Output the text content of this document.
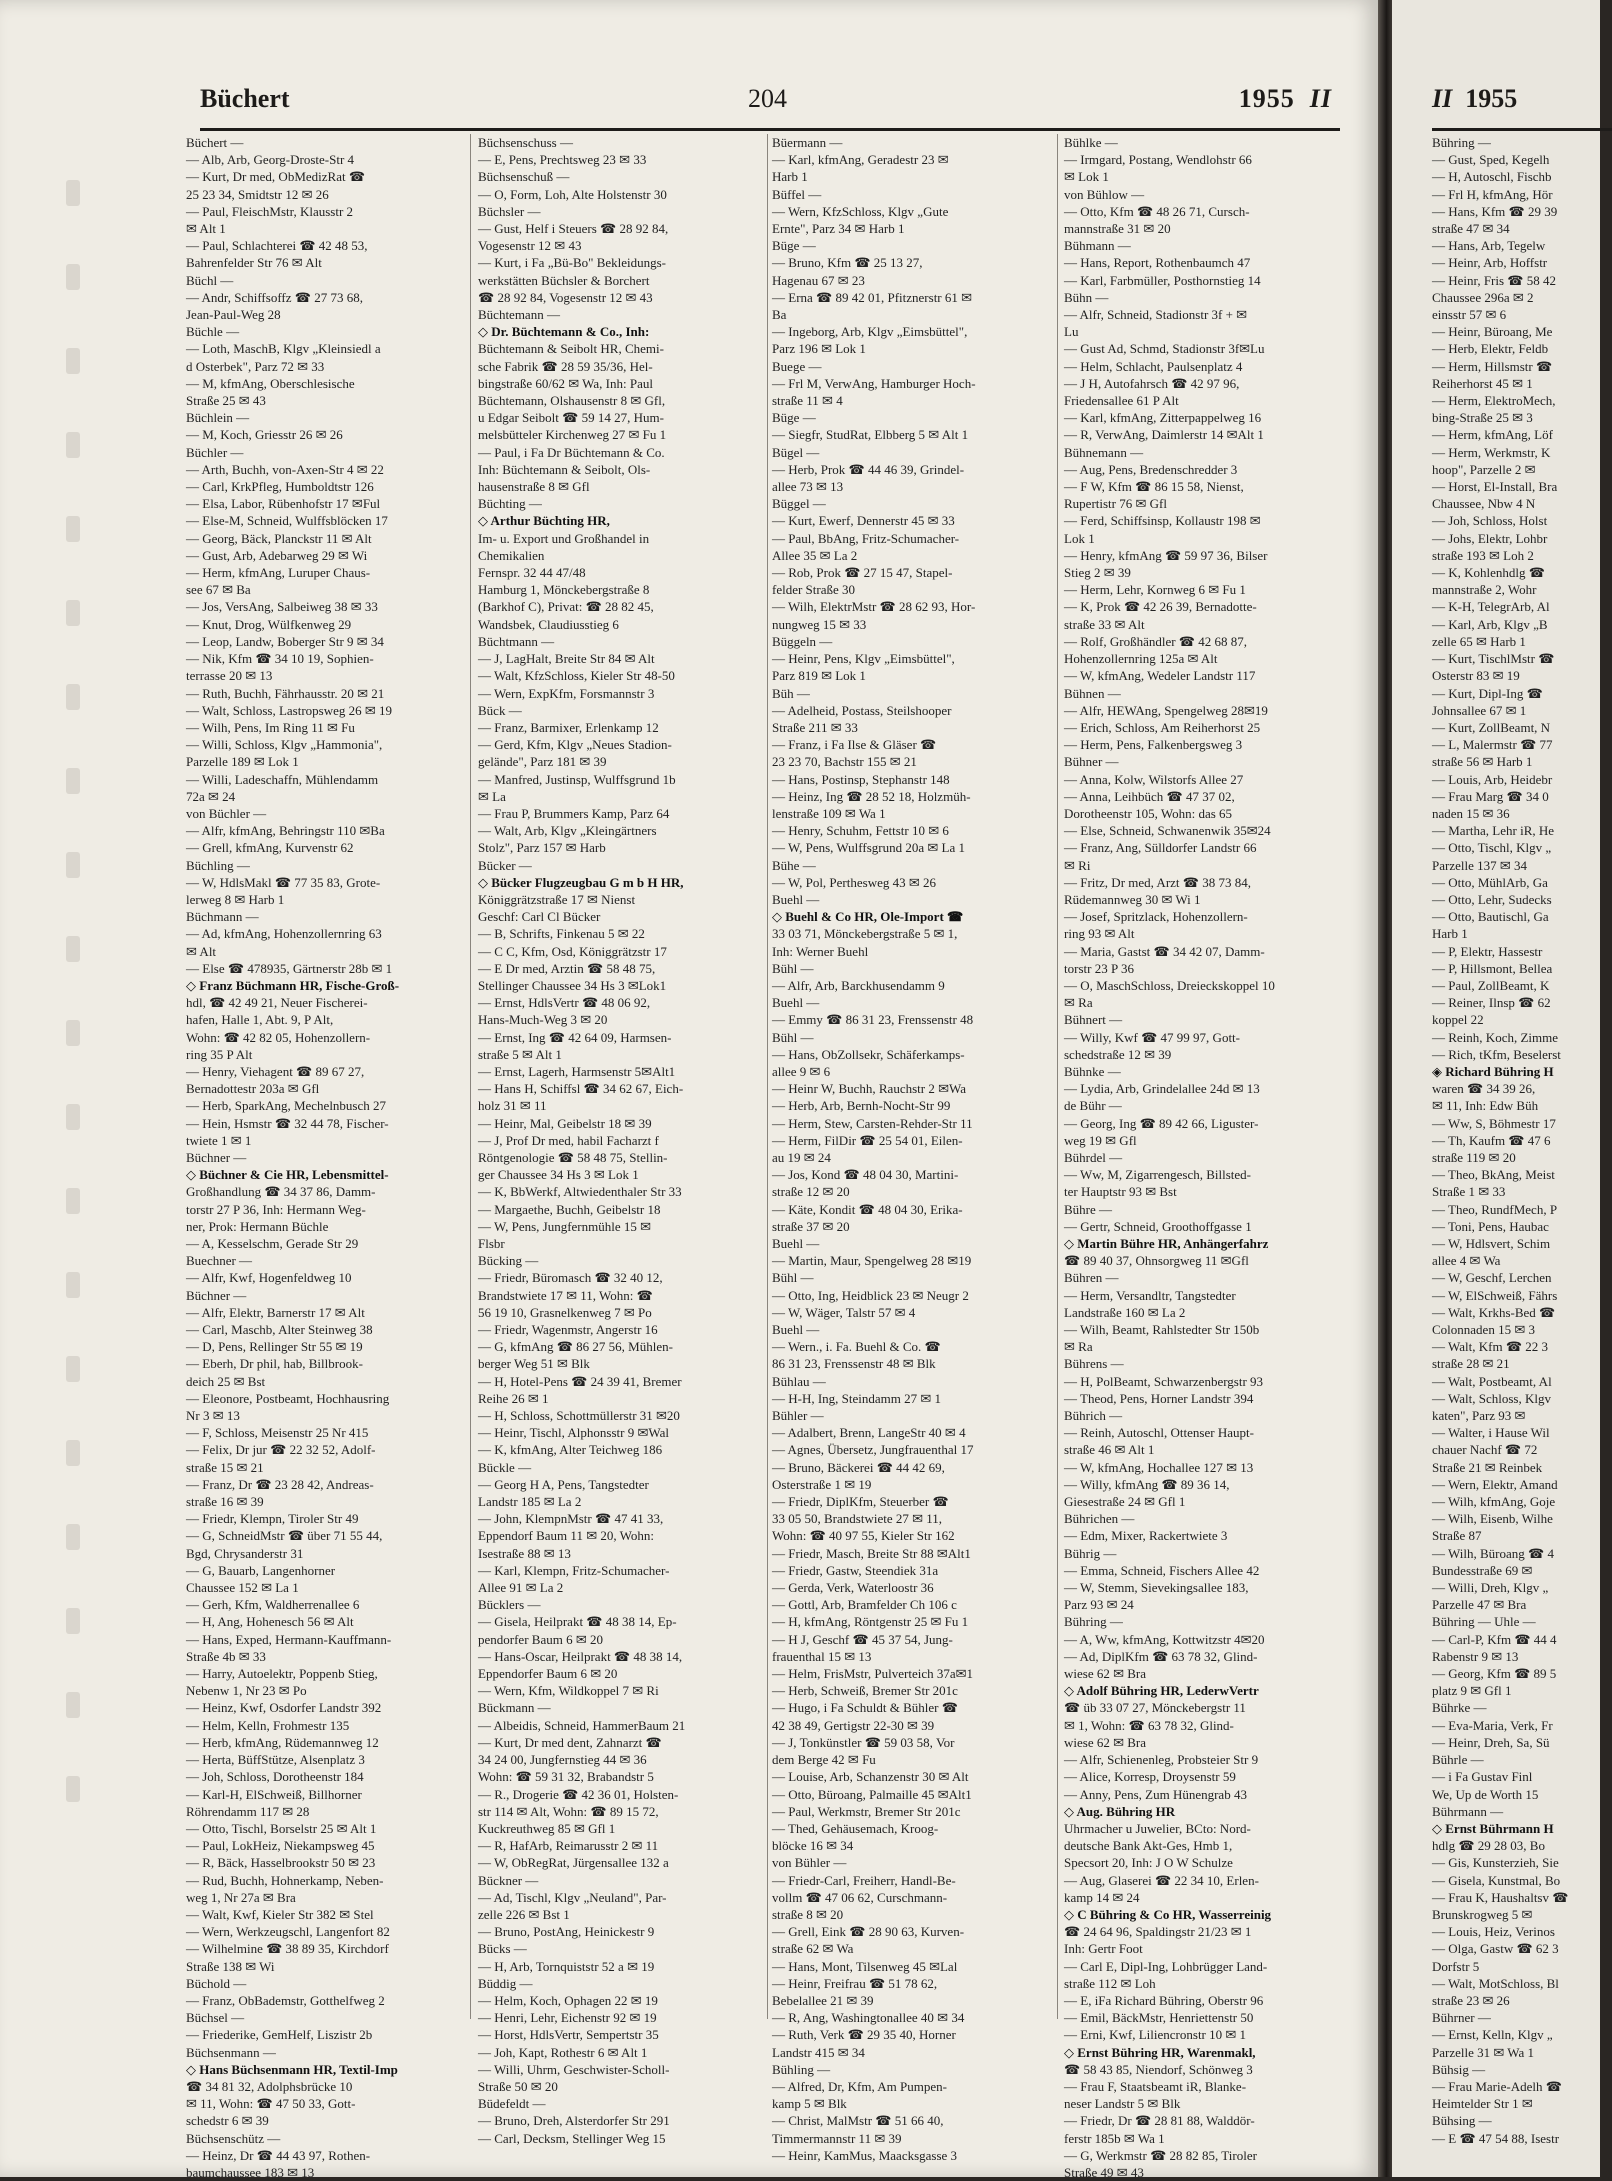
Büchert	204	1955 II
Büchert —
— Alb, Arb, Georg-Droste-Str 4
— Kurt, Dr med, ObMedizRat ☎
25 23 34, Smidtstr 12 ✉ 26
— Paul, FleischMstr, Klausstr 2
✉ Alt 1
— Paul, Schlachterei ☎ 42 48 53,
Bahrenfelder Str 76 ✉ Alt
Büchl —
— Andr, Schiffsoffz ☎ 27 73 68,
Jean-Paul-Weg 28
Büchle —
— Loth, MaschB, Klgv „Kleinsiedl a
d Osterbek", Parz 72 ✉ 33
— M, kfmAng, Oberschlesische
Straße 25 ✉ 43
Büchlein —
— M, Koch, Griesstr 26 ✉ 26
Büchler —
— Arth, Buchh, von-Axen-Str 4 ✉ 22
— Carl, KrkPfleg, Humboldtstr 126
— Elsa, Labor, Rübenhofstr 17 ✉Ful
— Else-M, Schneid, Wulffsblöcken 17
— Georg, Bäck, Planckstr 11 ✉ Alt
— Gust, Arb, Adebarweg 29 ✉ Wi
— Herm, kfmAng, Luruper Chaus-
see 67 ✉ Ba
— Jos, VersAng, Salbeiweg 38 ✉ 33
— Knut, Drog, Wülfkenweg 29
— Leop, Landw, Boberger Str 9 ✉ 34
— Nik, Kfm ☎ 34 10 19, Sophien-
terrasse 20 ✉ 13
— Ruth, Buchh, Fährhausstr. 20 ✉ 21
— Walt, Schloss, Lastropsweg 26 ✉ 19
— Wilh, Pens, Im Ring 11 ✉ Fu
— Willi, Schloss, Klgv „Hammonia",
Parzelle 189 ✉ Lok 1
— Willi, Ladeschaffn, Mühlendamm
72a ✉ 24
von Büchler —
— Alfr, kfmAng, Behringstr 110 ✉Ba
— Grell, kfmAng, Kurvenstr 62
Büchling —
— W, HdlsMakl ☎ 77 35 83, Grote-
lerweg 8 ✉ Harb 1
Büchmann —
— Ad, kfmAng, Hohenzollernring 63
✉ Alt
— Else ☎ 478935, Gärtnerstr 28b ✉ 1
◇ Franz Büchmann HR, Fische-Groß-
hdl, ☎ 42 49 21, Neuer Fischerei-
hafen, Halle 1, Abt. 9, P Alt,
Wohn: ☎ 42 82 05, Hohenzollern-
ring 35 P Alt
— Henry, Viehagent ☎ 89 67 27,
Bernadottestr 203a ✉ Gfl
— Herb, SparkAng, Mechelnbusch 27
— Hein, Hsmstr ☎ 32 44 78, Fischer-
twiete 1 ✉ 1
Büchner —
◇ Büchner & Cie HR, Lebensmittel-
Großhandlung ☎ 34 37 86, Damm-
torstr 27 P 36, Inh: Hermann Weg-
ner, Prok: Hermann Büchle
— A, Kesselschm, Gerade Str 29
Buechner —
— Alfr, Kwf, Hogenfeldweg 10
Büchner —
— Alfr, Elektr, Barnerstr 17 ✉ Alt
— Carl, Maschb, Alter Steinweg 38
— D, Pens, Rellinger Str 55 ✉ 19
— Eberh, Dr phil, hab, Billbrook-
deich 25 ✉ Bst
— Eleonore, Postbeamt, Hochhausring
Nr 3 ✉ 13
— F, Schloss, Meisenstr 25 Nr 415
— Felix, Dr jur ☎ 22 32 52, Adolf-
straße 15 ✉ 21
— Franz, Dr ☎ 23 28 42, Andreas-
straße 16 ✉ 39
— Friedr, Klempn, Tiroler Str 49
— G, SchneidMstr ☎ über 71 55 44,
Bgd, Chrysanderstr 31
— G, Bauarb, Langenhorner
Chaussee 152 ✉ La 1
— Gerh, Kfm, Waldherrenallee 6
— H, Ang, Hohenesch 56 ✉ Alt
— Hans, Exped, Hermann-Kauffmann-
Straße 4b ✉ 33
— Harry, Autoelektr, Poppenb Stieg,
Nebenw 1, Nr 23 ✉ Po
— Heinz, Kwf, Osdorfer Landstr 392
— Helm, Kelln, Frohmestr 135
— Herb, kfmAng, Rüdemannweg 12
— Herta, BüffStütze, Alsenplatz 3
— Joh, Schloss, Dorotheenstr 184
— Karl-H, ElSchweiß, Billhorner
Röhrendamm 117 ✉ 28
— Otto, Tischl, Borselstr 25 ✉ Alt 1
— Paul, LokHeiz, Niekampsweg 45
— R, Bäck, Hasselbrookstr 50 ✉ 23
— Rud, Buchh, Hohnerkamp, Neben-
weg 1, Nr 27a ✉ Bra
— Walt, Kwf, Kieler Str 382 ✉ Stel
— Wern, Werkzeugschl, Langenfort 82
— Wilhelmine ☎ 38 89 35, Kirchdorf
Straße 138 ✉ Wi
Büchold —
— Franz, ObBademstr, Gotthelfweg 2
Büchsel —
— Friederike, GemHelf, Liszistr 2b
Büchsenmann —
◇ Hans Büchsenmann HR, Textil-Imp
☎ 34 81 32, Adolphsbrücke 10
✉ 11, Wohn: ☎ 47 50 33, Gott-
schedstr 6 ✉ 39
Büchsenschütz —
— Heinz, Dr ☎ 44 43 97, Rothen-
baumchaussee 183 ✉ 13
Büchsenschuss —
— E, Pens, Prechtsweg 23 ✉ 33
Büchsenschuß —
— O, Form, Loh, Alte Holstenstr 30
Büchsler —
— Gust, Helf i Steuers ☎ 28 92 84,
Vogesenstr 12 ✉ 43
— Kurt, i Fa „Bü-Bo" Bekleidungs-
werkstätten Büchsler & Borchert
☎ 28 92 84, Vogesenstr 12 ✉ 43
Büchtemann —
◇ Dr. Büchtemann & Co., Inh:
Büchtemann & Seibolt HR, Chemi-
sche Fabrik ☎ 28 59 35/36, Hel-
bingstraße 60/62 ✉ Wa, Inh: Paul
Büchtemann, Olshausenstr 8 ✉ Gfl,
u Edgar Seibolt ☎ 59 14 27, Hum-
melsbütteler Kirchenweg 27 ✉ Fu 1
— Paul, i Fa Dr Büchtemann & Co.
Inh: Büchtemann & Seibolt, Ols-
hausenstraße 8 ✉ Gfl
Büchting —
◇ Arthur Büchting HR,
Im- u. Export und Großhandel in
Chemikalien
Fernspr. 32 44 47/48
Hamburg 1, Mönckebergstraße 8
(Barkhof C), Privat: ☎ 28 82 45,
Wandsbek, Claudiusstieg 6
Büchtmann —
— J, LagHalt, Breite Str 84 ✉ Alt
— Walt, KfzSchloss, Kieler Str 48-50
— Wern, ExpKfm, Forsmannstr 3
Bück —
— Franz, Barmixer, Erlenkamp 12
— Gerd, Kfm, Klgv „Neues Stadion-
gelände", Parz 181 ✉ 39
— Manfred, Justinsp, Wulffsgrund 1b
✉ La
— Frau P, Brummers Kamp, Parz 64
— Walt, Arb, Klgv „Kleingärtners
Stolz", Parz 157 ✉ Harb
Bücker —
◇ Bücker Flugzeugbau G m b H HR,
Königgrätzstraße 17 ✉ Nienst
Geschf: Carl Cl Bücker
— B, Schrifts, Finkenau 5 ✉ 22
— C C, Kfm, Osd, Königgrätzstr 17
— E Dr med, Arztin ☎ 58 48 75,
Stellinger Chaussee 34 Hs 3 ✉Lok1
— Ernst, HdlsVertr ☎ 48 06 92,
Hans-Much-Weg 3 ✉ 20
— Ernst, Ing ☎ 42 64 09, Harmsen-
straße 5 ✉ Alt 1
— Ernst, Lagerh, Harmsenstr 5✉Alt1
— Hans H, Schiffsl ☎ 34 62 67, Eich-
holz 31 ✉ 11
— Heinr, Mal, Geibelstr 18 ✉ 39
— J, Prof Dr med, habil Facharzt f
Röntgenologie ☎ 58 48 75, Stellin-
ger Chaussee 34 Hs 3 ✉ Lok 1
— K, BbWerkf, Altwiedenthaler Str 33
— Margaethe, Buchh, Geibelstr 18
— W, Pens, Jungfernmühle 15 ✉
Flsbr
Bücking —
— Friedr, Büromasch ☎ 32 40 12,
Brandstwiete 17 ✉ 11, Wohn: ☎
56 19 10, Grasnelkenweg 7 ✉ Po
— Friedr, Wagenmstr, Angerstr 16
— G, kfmAng ☎ 86 27 56, Mühlen-
berger Weg 51 ✉ Blk
— H, Hotel-Pens ☎ 24 39 41, Bremer
Reihe 26 ✉ 1
— H, Schloss, Schottmüllerstr 31 ✉20
— Heinr, Tischl, Alphonsstr 9 ✉Wal
— K, kfmAng, Alter Teichweg 186
Bückle —
— Georg H A, Pens, Tangstedter
Landstr 185 ✉ La 2
— John, KlempnMstr ☎ 47 41 33,
Eppendorf Baum 11 ✉ 20, Wohn:
Isestraße 88 ✉ 13
— Karl, Klempn, Fritz-Schumacher-
Allee 91 ✉ La 2
Bücklers —
— Gisela, Heilprakt ☎ 48 38 14, Ep-
pendorfer Baum 6 ✉ 20
— Hans-Oscar, Heilprakt ☎ 48 38 14,
Eppendorfer Baum 6 ✉ 20
— Wern, Kfm, Wildkoppel 7 ✉ Ri
Bückmann —
— Albeidis, Schneid, HammerBaum 21
— Kurt, Dr med dent, Zahnarzt ☎
34 24 00, Jungfernstieg 44 ✉ 36
Wohn: ☎ 59 31 32, Brabandstr 5
— R., Drogerie ☎ 42 36 01, Holsten-
str 114 ✉ Alt, Wohn: ☎ 89 15 72,
Kuckreuthweg 85 ✉ Gfl 1
— R, HafArb, Reimarusstr 2 ✉ 11
— W, ObRegRat, Jürgensallee 132 a
Bückner —
— Ad, Tischl, Klgv „Neuland", Par-
zelle 226 ✉ Bst 1
— Bruno, PostAng, Heinickestr 9
Bücks —
— H, Arb, Tornquiststr 52 a ✉ 19
Büddig —
— Helm, Koch, Ophagen 22 ✉ 19
— Henri, Lehr, Eichenstr 92 ✉ 19
— Horst, HdlsVertr, Sempertstr 35
— Joh, Kapt, Rothestr 6 ✉ Alt 1
— Willi, Uhrm, Geschwister-Scholl-
Straße 50 ✉ 20
Büdefeldt —
— Bruno, Dreh, Alsterdorfer Str 291
— Carl, Decksm, Stellinger Weg 15
Büermann —
— Karl, kfmAng, Geradestr 23 ✉
Harb 1
Büffel —
— Wern, KfzSchloss, Klgv „Gute
Ernte", Parz 34 ✉ Harb 1
Büge —
— Bruno, Kfm ☎ 25 13 27,
Hagenau 67 ✉ 23
— Erna ☎ 89 42 01, Pfitznerstr 61 ✉
Ba
— Ingeborg, Arb, Klgv „Eimsbüttel",
Parz 196 ✉ Lok 1
Buege —
— Frl M, VerwAng, Hamburger Hoch-
straße 11 ✉ 4
Büge —
— Siegfr, StudRat, Elbberg 5 ✉ Alt 1
Bügel —
— Herb, Prok ☎ 44 46 39, Grindel-
allee 73 ✉ 13
Büggel —
— Kurt, Ewerf, Dennerstr 45 ✉ 33
— Paul, BbAng, Fritz-Schumacher-
Allee 35 ✉ La 2
— Rob, Prok ☎ 27 15 47, Stapel-
felder Straße 30
— Wilh, ElektrMstr ☎ 28 62 93, Hor-
nungweg 15 ✉ 33
Büggeln —
— Heinr, Pens, Klgv „Eimsbüttel",
Parz 819 ✉ Lok 1
Büh —
— Adelheid, Postass, Steilshooper
Straße 211 ✉ 33
— Franz, i Fa Ilse & Gläser ☎
23 23 70, Bachstr 155 ✉ 21
— Hans, Postinsp, Stephanstr 148
— Heinz, Ing ☎ 28 52 18, Holzmüh-
lenstraße 109 ✉ Wa 1
— Henry, Schuhm, Fettstr 10 ✉ 6
— W, Pens, Wulffsgrund 20a ✉ La 1
Bühe —
— W, Pol, Perthesweg 43 ✉ 26
Buehl —
◇ Buehl & Co HR, Ole-Import ☎
33 03 71, Mönckebergstraße 5 ✉ 1,
Inh: Werner Buehl
Bühl —
— Alfr, Arb, Barckhusendamm 9
Buehl —
— Emmy ☎ 86 31 23, Frenssenstr 48
Bühl —
— Hans, ObZollsekr, Schäferkamps-
allee 9 ✉ 6
— Heinr W, Buchh, Rauchstr 2 ✉Wa
— Herb, Arb, Bernh-Nocht-Str 99
— Herm, Stew, Carsten-Rehder-Str 11
— Herm, FilDir ☎ 25 54 01, Eilen-
au 19 ✉ 24
— Jos, Kond ☎ 48 04 30, Martini-
straße 12 ✉ 20
— Käte, Kondit ☎ 48 04 30, Erika-
straße 37 ✉ 20
Buehl —
— Martin, Maur, Spengelweg 28 ✉19
Bühl —
— Otto, Ing, Heidblick 23 ✉ Neugr 2
— W, Wäger, Talstr 57 ✉ 4
Buehl —
— Wern., i. Fa. Buehl & Co. ☎
86 31 23, Frenssenstr 48 ✉ Blk
Bühlau —
— H-H, Ing, Steindamm 27 ✉ 1
Bühler —
— Adalbert, Brenn, LangeStr 40 ✉ 4
— Agnes, Übersetz, Jungfrauenthal 17
— Bruno, Bäckerei ☎ 44 42 69,
Osterstraße 1 ✉ 19
— Friedr, DiplKfm, Steuerber ☎
33 05 50, Brandstwiete 27 ✉ 11,
Wohn: ☎ 40 97 55, Kieler Str 162
— Friedr, Masch, Breite Str 88 ✉Alt1
— Friedr, Gastw, Steendiek 31a
— Gerda, Verk, Waterloostr 36
— Gottl, Arb, Bramfelder Ch 106 c
— H, kfmAng, Röntgenstr 25 ✉ Fu 1
— H J, Geschf ☎ 45 37 54, Jung-
frauenthal 15 ✉ 13
— Helm, FrisMstr, Pulverteich 37a✉1
— Herb, Schweiß, Bremer Str 201c
— Hugo, i Fa Schuldt & Bühler ☎
42 38 49, Gertigstr 22-30 ✉ 39
— J, Tonkünstler ☎ 59 03 58, Vor
dem Berge 42 ✉ Fu
— Louise, Arb, Schanzenstr 30 ✉ Alt
— Otto, Büroang, Palmaille 45 ✉Alt1
— Paul, Werkmstr, Bremer Str 201c
— Thed, Gehäusemach, Kroog-
blöcke 16 ✉ 34
von Bühler —
— Friedr-Carl, Freiherr, Handl-Be-
vollm ☎ 47 06 62, Curschmann-
straße 8 ✉ 20
— Grell, Eink ☎ 28 90 63, Kurven-
straße 62 ✉ Wa
— Hans, Mont, Tilsenweg 45 ✉Lal
— Heinr, Freifrau ☎ 51 78 62,
Bebelallee 21 ✉ 39
— R, Ang, Washingtonallee 40 ✉ 34
— Ruth, Verk ☎ 29 35 40, Horner
Landstr 415 ✉ 34
Bühling —
— Alfred, Dr, Kfm, Am Pumpen-
kamp 5 ✉ Blk
— Christ, MalMstr ☎ 51 66 40,
Timmermannstr 11 ✉ 39
— Heinr, KamMus, Maacksgasse 3
Bühlke —
— Irmgard, Postang, Wendlohstr 66
✉ Lok 1
von Bühlow —
— Otto, Kfm ☎ 48 26 71, Cursch-
mannstraße 31 ✉ 20
Bühmann —
— Hans, Report, Rothenbaumch 47
— Karl, Farbmüller, Posthornstieg 14
Bühn —
— Alfr, Schneid, Stadionstr 3f + ✉
Lu
— Gust Ad, Schmd, Stadionstr 3f✉Lu
— Helm, Schlacht, Paulsenplatz 4
— J H, Autofahrsch ☎ 42 97 96,
Friedensallee 61 P Alt
— Karl, kfmAng, Zitterpappelweg 16
— R, VerwAng, Daimlerstr 14 ✉Alt 1
Bühnemann —
— Aug, Pens, Bredenschredder 3
— F W, Kfm ☎ 86 15 58, Nienst,
Rupertistr 76 ✉ Gfl
— Ferd, Schiffsinsp, Kollaustr 198 ✉
Lok 1
— Henry, kfmAng ☎ 59 97 36, Bilser
Stieg 2 ✉ 39
— Herm, Lehr, Kornweg 6 ✉ Fu 1
— K, Prok ☎ 42 26 39, Bernadotte-
straße 33 ✉ Alt
— Rolf, Großhändler ☎ 42 68 87,
Hohenzollernring 125a ✉ Alt
— W, kfmAng, Wedeler Landstr 117
Bühnen —
— Alfr, HEWAng, Spengelweg 28✉19
— Erich, Schloss, Am Reiherhorst 25
— Herm, Pens, Falkenbergsweg 3
Bühner —
— Anna, Kolw, Wilstorfs Allee 27
— Anna, Leihbüch ☎ 47 37 02,
Dorotheenstr 105, Wohn: das 65
— Else, Schneid, Schwanenwik 35✉24
— Franz, Ang, Sülldorfer Landstr 66
✉ Ri
— Fritz, Dr med, Arzt ☎ 38 73 84,
Rüdemannweg 30 ✉ Wi 1
— Josef, Spritzlack, Hohenzollern-
ring 93 ✉ Alt
— Maria, Gastst ☎ 34 42 07, Damm-
torstr 23 P 36
— O, MaschSchloss, Dreieckskoppel 10
✉ Ra
Bühnert —
— Willy, Kwf ☎ 47 99 97, Gott-
schedstraße 12 ✉ 39
Bühnke —
— Lydia, Arb, Grindelallee 24d ✉ 13
de Bühr —
— Georg, Ing ☎ 89 42 66, Liguster-
weg 19 ✉ Gfl
Bührdel —
— Ww, M, Zigarrengesch, Billsted-
ter Hauptstr 93 ✉ Bst
Bühre —
— Gertr, Schneid, Groothoffgasse 1
◇ Martin Bühre HR, Anhängerfahrz
☎ 89 40 37, Ohnsorgweg 11 ✉Gfl
Bühren —
— Herm, Versandltr, Tangstedter
Landstraße 160 ✉ La 2
— Wilh, Beamt, Rahlstedter Str 150b
✉ Ra
Bührens —
— H, PolBeamt, Schwarzenbergstr 93
— Theod, Pens, Horner Landstr 394
Bührich —
— Reinh, Autoschl, Ottenser Haupt-
straße 46 ✉ Alt 1
— W, kfmAng, Hochallee 127 ✉ 13
— Willy, kfmAng ☎ 89 36 14,
Giesestraße 24 ✉ Gfl 1
Bührichen —
— Edm, Mixer, Rackertwiete 3
Bührig —
— Emma, Schneid, Fischers Allee 42
— W, Stemm, Sievekingsallee 183,
Parz 93 ✉ 24
Bühring —
— A, Ww, kfmAng, Kottwitzstr 4✉20
— Ad, DiplKfm ☎ 63 78 32, Glind-
wiese 62 ✉ Bra
◇ Adolf Bühring HR, LederwVertr
☎ üb 33 07 27, Mönckebergstr 11
✉ 1, Wohn: ☎ 63 78 32, Glind-
wiese 62 ✉ Bra
— Alfr, Schienenleg, Probsteier Str 9
— Alice, Korresp, Droysenstr 59
— Anny, Pens, Zum Hünengrab 43
◇ Aug. Bühring HR
Uhrmacher u Juwelier, BCto: Nord-
deutsche Bank Akt-Ges, Hmb 1,
Specsort 20, Inh: J O W Schulze
— Aug, Glaserei ☎ 22 34 10, Erlen-
kamp 14 ✉ 24
◇ C Bühring & Co HR, Wasserreinig
☎ 24 64 96, Spaldingstr 21/23 ✉ 1
Inh: Gertr Foot
— Carl E, Dipl-Ing, Lohbrügger Land-
straße 112 ✉ Loh
— E, iFa Richard Bühring, Oberstr 96
— Emil, BäckMstr, Henriettenstr 50
— Erni, Kwf, Liliencronstr 10 ✉ 1
◇ Ernst Bühring HR, Warenmakl,
☎ 58 43 85, Niendorf, Schönweg 3
— Frau F, Staatsbeamt iR, Blanke-
neser Landstr 5 ✉ Blk
— Friedr, Dr ☎ 28 81 88, Walddör-
ferstr 185b ✉ Wa 1
— G, Werkmstr ☎ 28 82 85, Tiroler
Straße 49 ✉ 43
II 1955
Bühring —
— Gust, Sped, Kegelh
— H, Autoschl, Fischb
— Frl H, kfmAng, Hör
— Hans, Kfm ☎ 29 39
straße 47 ✉ 34
— Hans, Arb, Tegelw
— Heinr, Arb, Hoffstr
— Heinr, Fris ☎ 58 42
Chaussee 296a ✉ 2
einsstr 57 ✉ 6
— Heinr, Büroang, Me
— Herb, Elektr, Feldb
— Herm, Hillsmstr ☎
Reiherhorst 45 ✉ 1
— Herm, ElektroMech,
bing-Straße 25 ✉ 3
— Herm, kfmAng, Löf
— Herm, Werkmstr, K
hoop", Parzelle 2 ✉
— Horst, El-Install, Bra
Chaussee, Nbw 4 N
— Joh, Schloss, Holst
— Johs, Elektr, Lohbr
straße 193 ✉ Loh 2
— K, Kohlenhdlg ☎
mannstraße 2, Wohr
— K-H, TelegrArb, Al
— Karl, Arb, Klgv „B
zelle 65 ✉ Harb 1
— Kurt, TischlMstr ☎
Osterstr 83 ✉ 19
— Kurt, Dipl-Ing ☎
Johnsallee 67 ✉ 1
— Kurt, ZollBeamt, N
— L, Malermstr ☎ 77
straße 56 ✉ Harb 1
— Louis, Arb, Heidebr
— Frau Marg ☎ 34 0
naden 15 ✉ 36
— Martha, Lehr iR, He
— Otto, Tischl, Klgv „
Parzelle 137 ✉ 34
— Otto, MühlArb, Ga
— Otto, Lehr, Sudecks
— Otto, Bautischl, Ga
Harb 1
— P, Elektr, Hassestr
— P, Hillsmont, Bellea
— Paul, ZollBeamt, K
— Reiner, Ilnsp ☎ 62
koppel 22
— Reinh, Koch, Zimme
— Rich, tKfm, Beselerst
◈ Richard Bühring H
waren ☎ 34 39 26,
✉ 11, Inh: Edw Büh
— Ww, S, Böhmestr 17
— Th, Kaufm ☎ 47 6
straße 119 ✉ 20
— Theo, BkAng, Meist
Straße 1 ✉ 33
— Theo, RundfMech, P
— Toni, Pens, Haubac
— W, Hdlsvert, Schim
allee 4 ✉ Wa
— W, Geschf, Lerchen
— W, ElSchweiß, Fährs
— Walt, Krkhs-Bed ☎
Colonnaden 15 ✉ 3
— Walt, Kfm ☎ 22 3
straße 28 ✉ 21
— Walt, Postbeamt, Al
— Walt, Schloss, Klgv
katen", Parz 93 ✉
— Walter, i Hause Wil
chauer Nachf ☎ 72
Straße 21 ✉ Reinbek
— Wern, Elektr, Amand
— Wilh, kfmAng, Goje
— Wilh, Eisenb, Wilhe
Straße 87
— Wilh, Büroang ☎ 4
Bundesstraße 69 ✉
— Willi, Dreh, Klgv „
Parzelle 47 ✉ Bra
Bühring — Uhle —
— Carl-P, Kfm ☎ 44 4
Rabenstr 9 ✉ 13
— Georg, Kfm ☎ 89 5
platz 9 ✉ Gfl 1
Bührke —
— Eva-Maria, Verk, Fr
— Heinr, Dreh, Sa, Sü
Bührle —
— i Fa Gustav Finl
We, Up de Worth 15
Bührmann —
◇ Ernst Bührmann H
hdlg ☎ 29 28 03, Bo
— Gis, Kunsterzieh, Sie
— Gisela, Kunstmal, Bo
— Frau K, Haushaltsv ☎
Brunskrogweg 5 ✉
— Louis, Heiz, Verinos
— Olga, Gastw ☎ 62 3
Dorfstr 5
— Walt, MotSchloss, Bl
straße 23 ✉ 26
Bührner —
— Ernst, Kelln, Klgv „
Parzelle 31 ✉ Wa 1
Bühsig —
— Frau Marie-Adelh ☎
Heimtelder Str 1 ✉
Bühsing —
— E ☎ 47 54 88, Isestr
